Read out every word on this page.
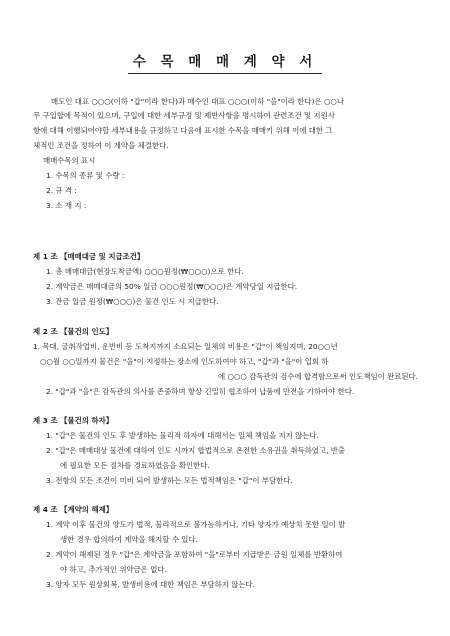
수 목 매 매 계 약 서
매도인 대표 ○○○(이하 "갑"이라 한다)과 매수인 대표 ○○○(이하 "을"이라 한다)은 ○○나
무 구입합에 목적이 있으며, 구입에 대한 세부규정 및 제반사항을 명시하여 관련조건 및 지원사
항에 대해 이행되어야할 세부내용을 규정하고 다음에 표시한 수목을 매매키 위해 이에 대한 그
체적인 조건을 정하여 이 계약을 체결한다.
매매수목의 표시
1. 수목의 종류 및 수량 :
2. 규 격 :
3. 소 재 지 :
제 1 조 【매매대금 및 지급조건】
1. 총 매매대금(현장도착금액) ○○○원정(₩○○○)으로 한다.
2. 계약금은 매매대금의 50% 일금 ○○○원정(₩○○○)은 계약당일 지급한다.
3. 잔금 일금 원정(₩○○○)은 물건 인도 시 지급한다.
제 2 조 【물건의 인도】
1. 목대, 굴취작업비, 운반비 등 도착지까지 소요되는 일체의 비용은 "갑"이 책임지며, 20○○년
○○월 ○○일까지 물건은 "을"이 지정하는 장소에 인도하여야 하고, "갑"과 "을"이 입회 하
에 ○○○ 감독관의 검수에 합격함으로써 인도책임이 완료된다.
2. "갑"과 "을"은 감독관의 의사를 존중하며 항상 긴밀히 협조하여 납품에 만전을 기하여야 한다.
제 3 조 【물건의 하자】
1. "갑"은 물건의 인도 후 발생하는 물리적 하자에 대해서는 일체 책임을 지지 않는다.
2. "갑"은 매매대상 물건에 대하여 인도 시까지 합법적으로 온전한 소유권을 취득하였고, 반출
에 필요한 모든 절차를 경료하였음을 확인한다.
3. 전항의 모든 조건이 미비 되어 발생하는 모든 법적책임은 "갑"이 부담한다.
제 4 조 【계약의 해제】
1. 계약 이후 물건의 양도가 법적, 물리적으로 불가능하거나, 기타 양자가 예상치 못한 일이 발
생한 경우 합의하여 계약을 해지할 수 있다.
2. 계약이 해제된 경우 "갑"은 계약금을 포함하여 "을"로부터 지급받은 금원 일체를 반환하여
야 하고, 추가적인 위약금은 없다.
3. 양자 모두 원상회복, 발생비용에 대한 책임은 부담하지 않는다.
